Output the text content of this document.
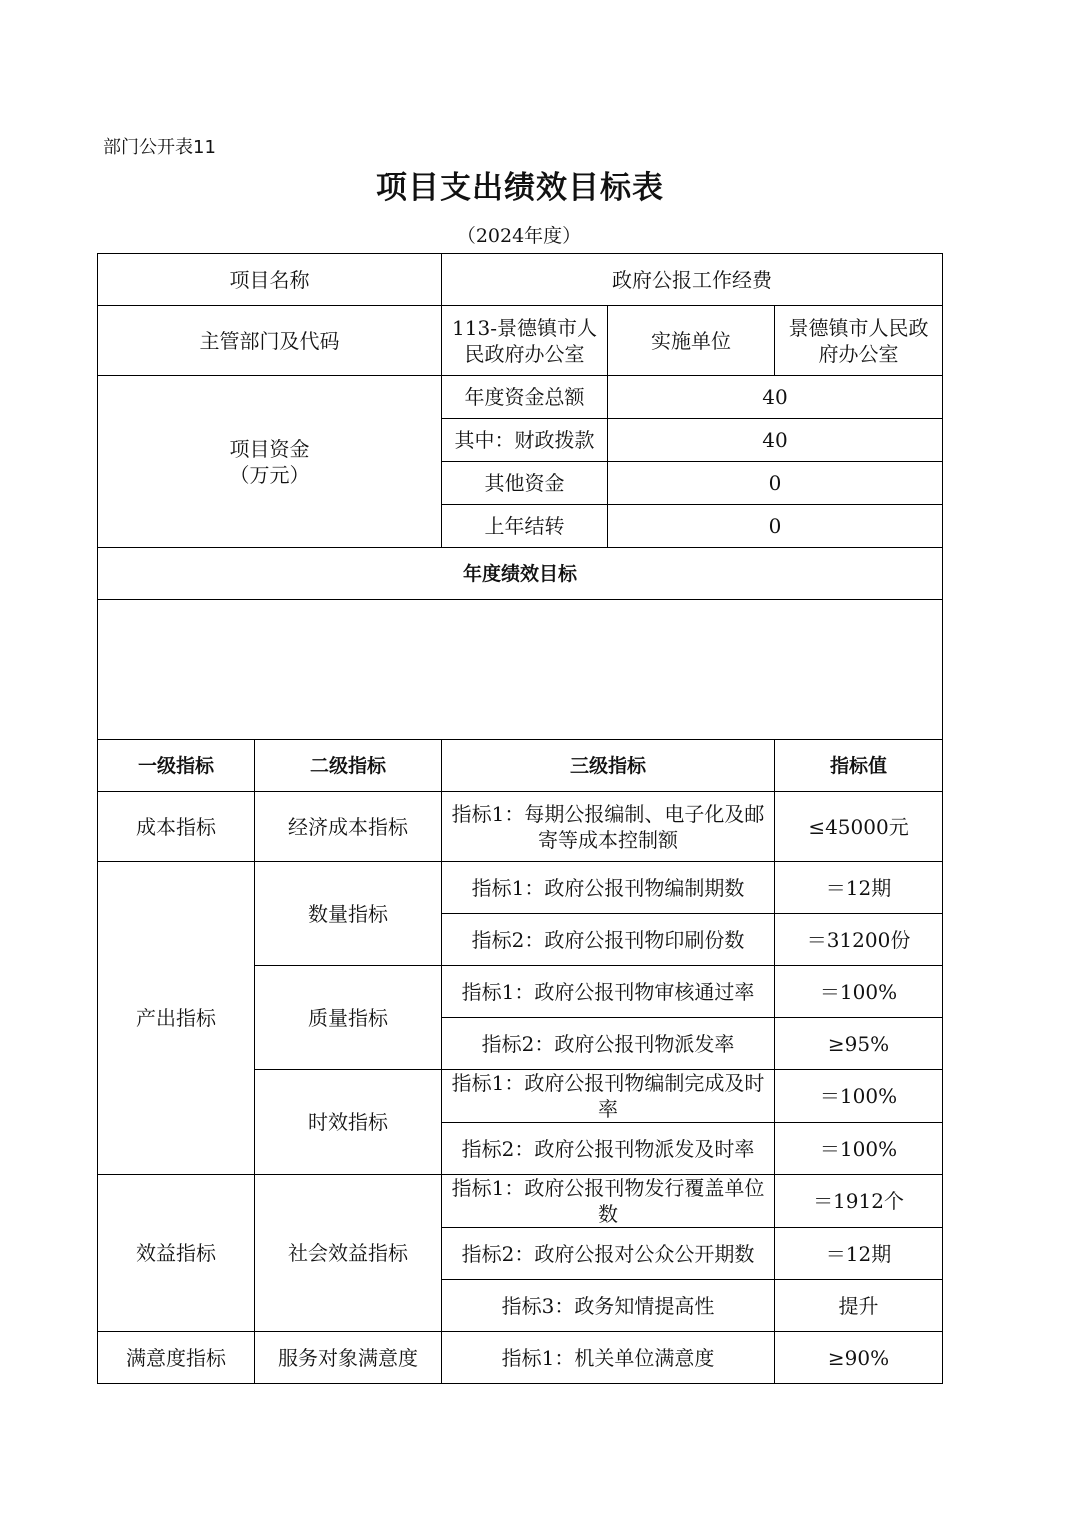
部门公开表11
项目支出绩效目标表
（2024年度）
项目名称		政府公报工作经费		
主管部门及代码		113-景德镇市人民政府办公室	实施单位	景德镇市人民政府办公室

项目资金
（万元）		年度资金总额	40	
		其中：财政拨款	40	
		其他资金	0	
		上年结转	0	
年度绩效目标				

一级指标	二级指标	三级指标		指标值
成本指标	经济成本指标	指标1：每期公报编制、电子化及邮寄等成本控制额		≤45000元
产出指标	数量指标	指标1：政府公报刊物编制期数		＝12期
		指标2：政府公报刊物印刷份数		＝31200份
	质量指标	指标1：政府公报刊物审核通过率		＝100%
		指标2：政府公报刊物派发率		≥95%
	时效指标	指标1：政府公报刊物编制完成及时率		＝100%
		指标2：政府公报刊物派发及时率		＝100%
效益指标	社会效益指标	指标1：政府公报刊物发行覆盖单位数		＝1912个
		指标2：政府公报对公众公开期数		＝12期
		指标3：政务知情提高性		提升
满意度指标	服务对象满意度	指标1：机关单位满意度		≥90%
